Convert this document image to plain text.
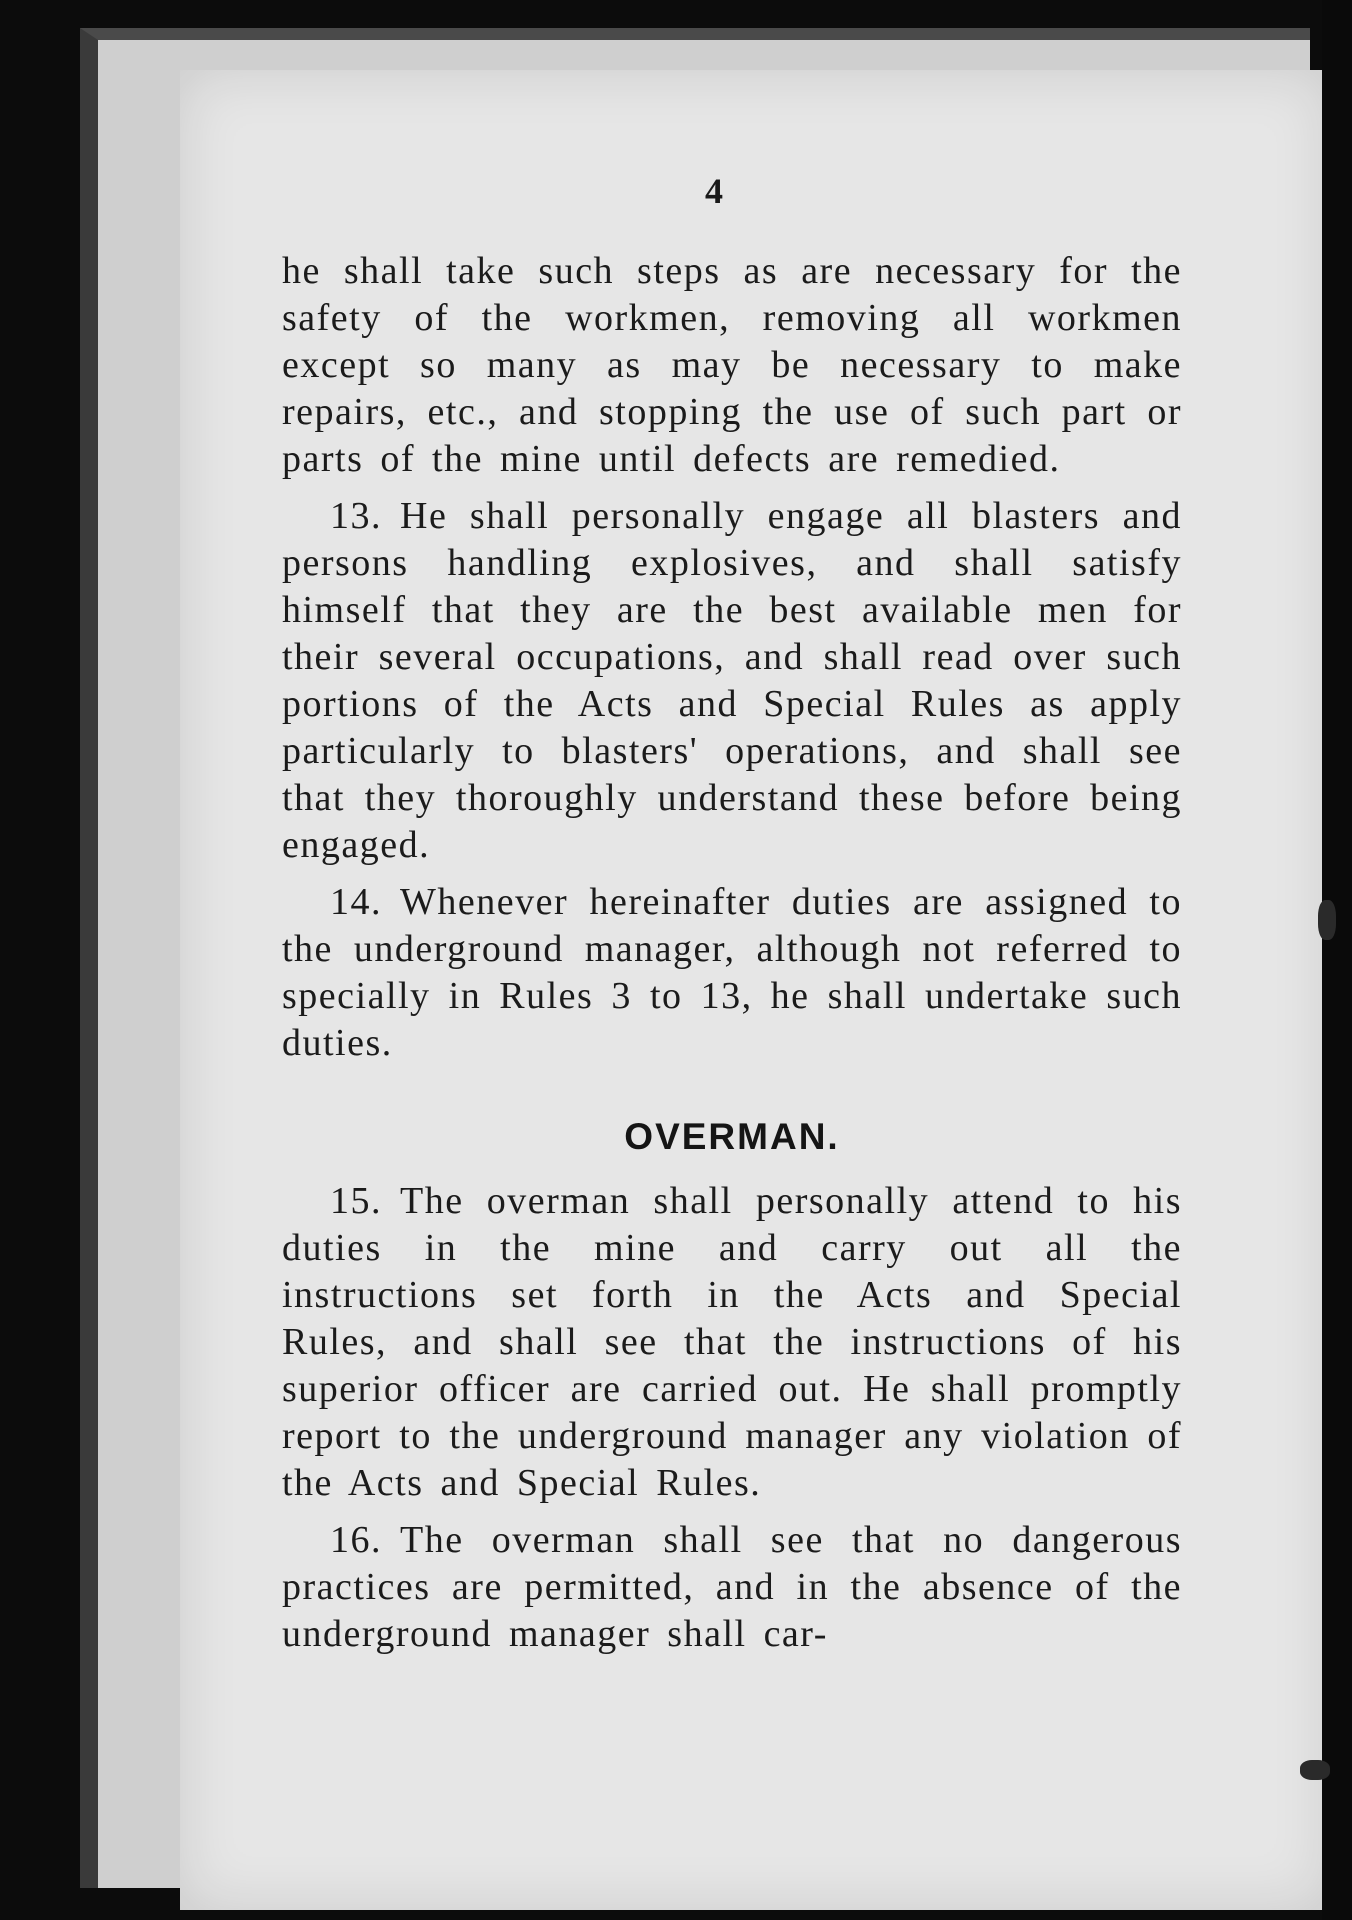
4

he shall take such steps as are necessary for the safety of the workmen, removing all workmen except so many as may be necessary to make repairs, etc., and stopping the use of such part or parts of the mine until defects are remedied.

13. He shall personally engage all blasters and persons handling explosives, and shall satisfy himself that they are the best available men for their several occupations, and shall read over such portions of the Acts and Special Rules as apply particularly to blasters' operations, and shall see that they thoroughly understand these before being engaged.

14. Whenever hereinafter duties are assigned to the underground manager, although not referred to specially in Rules 3 to 13, he shall undertake such duties.

OVERMAN.

15. The overman shall personally attend to his duties in the mine and carry out all the instructions set forth in the Acts and Special Rules, and shall see that the instructions of his superior officer are carried out. He shall promptly report to the underground manager any violation of the Acts and Special Rules.

16. The overman shall see that no dangerous practices are permitted, and in the absence of the underground manager shall car-
